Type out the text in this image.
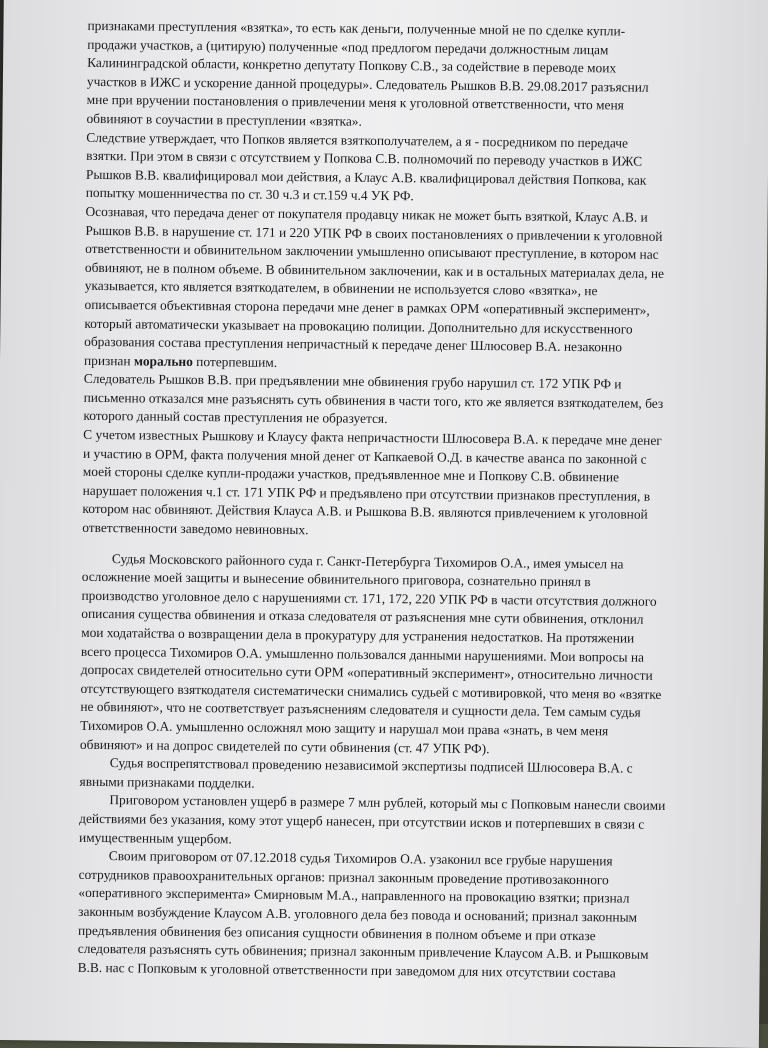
признаками преступления «взятка», то есть как деньги, полученные мной не по сделке купли-
продажи участков, а (цитирую) полученные «под предлогом передачи должностным лицам
Калининградской области, конкретно депутату Попкову С.В., за содействие в переводе моих
участков в ИЖС и ускорение данной процедуры». Следователь Рышков В.В. 29.08.2017 разъяснил
мне при вручении постановления о привлечении меня к уголовной ответственности, что меня
обвиняют в соучастии в преступлении «взятка».
Следствие утверждает, что Попков является взяткополучателем, а я - посредником по передаче
взятки. При этом в связи с отсутствием у Попкова С.В. полномочий по переводу участков в ИЖС
Рышков В.В. квалифицировал мои действия, а Клаус А.В. квалифицировал действия Попкова, как
попытку мошенничества по ст. 30 ч.3 и ст.159 ч.4 УК РФ.
Осознавая, что передача денег от покупателя продавцу никак не может быть взяткой, Клаус А.В. и
Рышков В.В. в нарушение ст. 171 и 220 УПК РФ в своих постановлениях о привлечении к уголовной
ответственности и обвинительном заключении умышленно описывают преступление, в котором нас
обвиняют, не в полном объеме. В обвинительном заключении, как и в остальных материалах дела, не
указывается, кто является взяткодателем, в обвинении не используется слово «взятка», не
описывается объективная сторона передачи мне денег в рамках ОРМ «оперативный эксперимент»,
который автоматически указывает на провокацию полиции. Дополнительно для искусственного
образования состава преступления непричастный к передаче денег Шлюсовер В.А. незаконно
признан морально потерпевшим.
Следователь Рышков В.В. при предъявлении мне обвинения грубо нарушил ст. 172 УПК РФ и
письменно отказался мне разъяснять суть обвинения в части того, кто же является взяткодателем, без
которого данный состав преступления не образуется.
С учетом известных Рышкову и Клаусу факта непричастности Шлюсовера В.А. к передаче мне денег
и участию в ОРМ, факта получения мной денег от Капкаевой О.Д. в качестве аванса по законной с
моей стороны сделке купли-продажи участков, предъявленное мне и Попкову С.В. обвинение
нарушает положения ч.1 ст. 171 УПК РФ и предъявлено при отсутствии признаков преступления, в
котором нас обвиняют. Действия Клауса А.В. и Рышкова В.В. являются привлечением к уголовной
ответственности заведомо невиновных.
Судья Московского районного суда г. Санкт-Петербурга Тихомиров О.А., имея умысел на
осложнение моей защиты и вынесение обвинительного приговора, сознательно принял в
производство уголовное дело с нарушениями ст. 171, 172, 220 УПК РФ в части отсутствия должного
описания существа обвинения и отказа следователя от разъяснения мне сути обвинения, отклонил
мои ходатайства о возвращении дела в прокуратуру для устранения недостатков. На протяжении
всего процесса Тихомиров О.А. умышленно пользовался данными нарушениями. Мои вопросы на
допросах свидетелей относительно сути ОРМ «оперативный эксперимент», относительно личности
отсутствующего взяткодателя систематически снимались судьей с мотивировкой, что меня во «взятке
не обвиняют», что не соответствует разъяснениям следователя и сущности дела. Тем самым судья
Тихомиров О.А. умышленно осложнял мою защиту и нарушал мои права «знать, в чем меня
обвиняют» и на допрос свидетелей по сути обвинения (ст. 47 УПК РФ).
Судья воспрепятствовал проведению независимой экспертизы подписей Шлюсовера В.А. с
явными признаками подделки.
Приговором установлен ущерб в размере 7 млн рублей, который мы с Попковым нанесли своими
действиями без указания, кому этот ущерб нанесен, при отсутствии исков и потерпевших в связи с
имущественным ущербом.
Своим приговором от 07.12.2018 судья Тихомиров О.А. узаконил все грубые нарушения
сотрудников правоохранительных органов: признал законным проведение противозаконного
«оперативного эксперимента» Смирновым М.А., направленного на провокацию взятки; признал
законным возбуждение Клаусом А.В. уголовного дела без повода и оснований; признал законным
предъявления обвинения без описания сущности обвинения в полном объеме и при отказе
следователя разъяснять суть обвинения; признал законным привлечение Клаусом А.В. и Рышковым
В.В. нас с Попковым к уголовной ответственности при заведомом для них отсутствии состава
